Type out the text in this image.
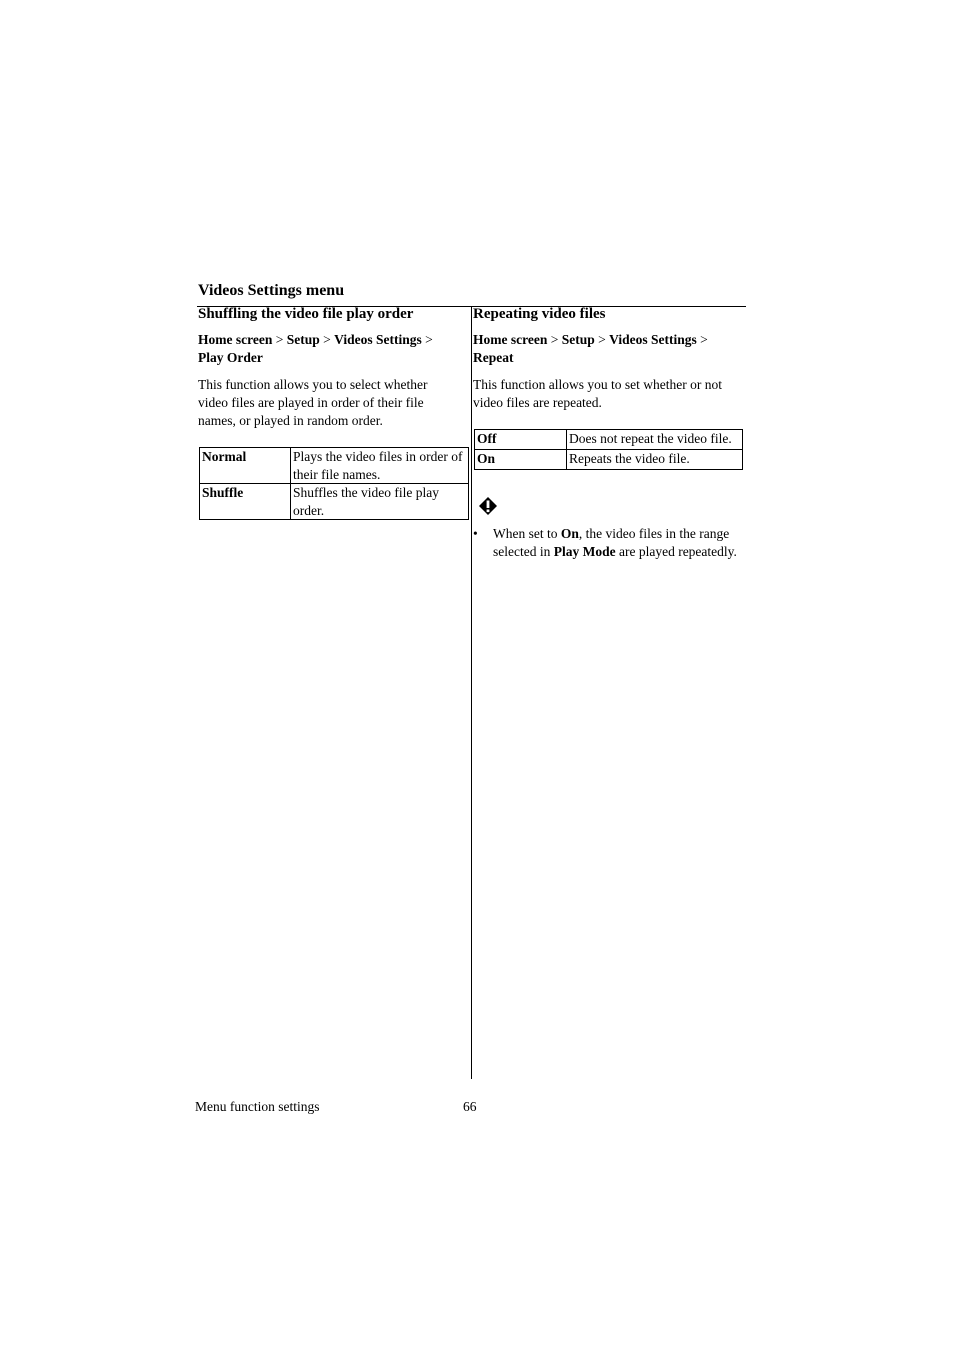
Videos Settings menu
Shuffling the video file play order
Home screen > Setup > Videos Settings >
Play Order
This function allows you to select whether video files are played in order of their file names, or played in random order.
Normal	Plays the video files in order of their file names.
Shuffle	Shuffles the video file play order.
Repeating video files
Home screen > Setup > Videos Settings >
Repeat
This function allows you to set whether or not video files are repeated.
Off	Does not repeat the video file.
On	Repeats the video file.
• When set to On, the video files in the range selected in Play Mode are played repeatedly.
Menu function settings	66
